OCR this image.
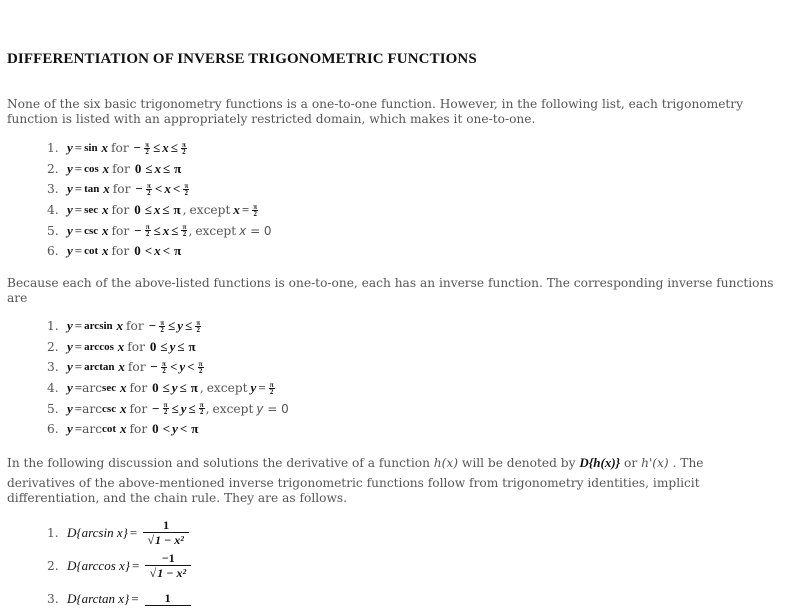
DIFFERENTIATION OF INVERSE TRIGONOMETRIC FUNCTIONS

None of the six basic trigonometry functions is a one-to-one function. However, in the following list, each trigonometry function is listed with an appropriately restricted domain, which makes it one-to-one.

1. y = sin
x for − $\frac{\pi}{2} \le x \le \frac{\pi}{2}$
2. y = cos
x for 0 ≤ x ≤ π
3. y = tan
x for − $\frac{\pi}{2} < x < \frac{\pi}{2}$
4. y = sec
x for 0 ≤ x ≤ π , except $x = \frac{\pi}{2}$
5. y = csc
x for − $\frac{\pi}{2} \le x \le \frac{\pi}{2}$ , except x = 0
6. y = cot
x for 0 < x < π

Because each of the above-listed functions is one-to-one, each has an inverse function. The corresponding inverse functions are

1. y = arcsin
x for − $\frac{\pi}{2} \le y \le \frac{\pi}{2}$
2. y = arccos
x for 0 ≤ y ≤ π
3. y = arctan
x for − $\frac{\pi}{2} < y < \frac{\pi}{2}$
4. y = arc sec
x for 0 ≤ y ≤ π , except $y = \frac{\pi}{2}$
5. y = arc csc
x for − $\frac{\pi}{2} \le y \le \frac{\pi}{2}$ , except y = 0
6. y = arc cot
x for 0 < y < π

In the following discussion and solutions the derivative of a function h(x) will be denoted by D{h(x)} or h'(x) . The

derivatives of the above-mentioned inverse trigonometric functions follow from trigonometry identities, implicit differentiation, and the chain rule. They are as follows.

1. D{arcsin x} = 1
√1 − x²
2. D{arccos x} = −1
√1 − x²
3. D{arctan x} = 1
